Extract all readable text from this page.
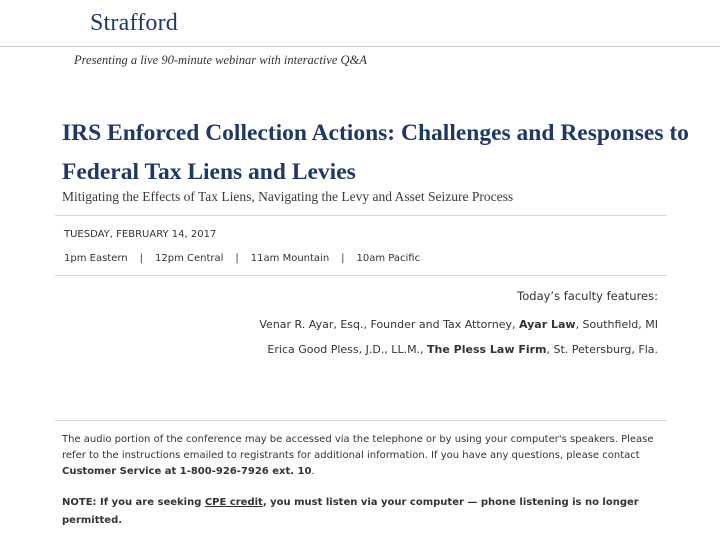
Strafford
Presenting a live 90-minute webinar with interactive Q&A
IRS Enforced Collection Actions: Challenges and Responses to Federal Tax Liens and Levies
Mitigating the Effects of Tax Liens, Navigating the Levy and Asset Seizure Process
TUESDAY, FEBRUARY 14, 2017
1pm Eastern | 12pm Central | 11am Mountain | 10am Pacific
Today’s faculty features:
Venar R. Ayar, Esq., Founder and Tax Attorney, Ayar Law, Southfield, MI
Erica Good Pless, J.D., LL.M., The Pless Law Firm, St. Petersburg, Fla.

The audio portion of the conference may be accessed via the telephone or by using your computer's speakers. Please refer to the instructions emailed to registrants for additional information. If you have any questions, please contact Customer Service at 1-800-926-7926 ext. 10.

NOTE: If you are seeking CPE credit, you must listen via your computer — phone listening is no longer permitted.
